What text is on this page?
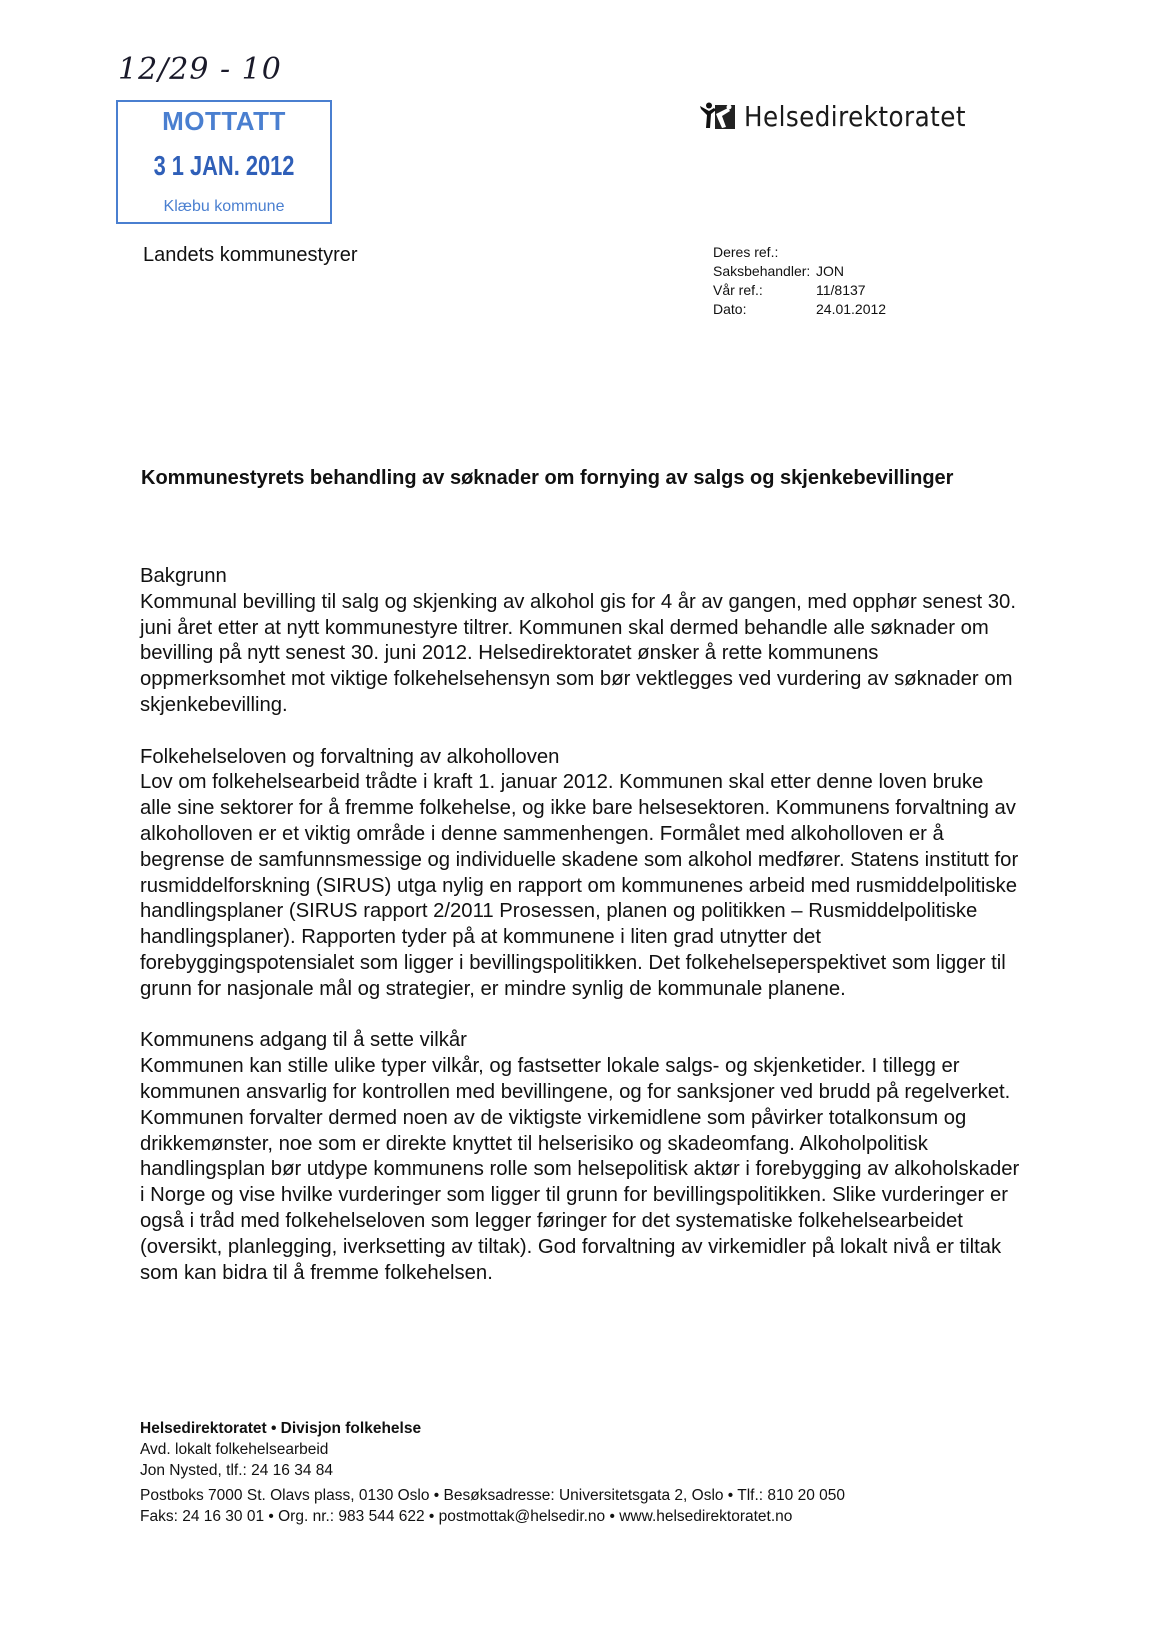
12/29 - 10
MOTTATT
3 1 JAN. 2012
Klæbu kommune
Helsedirektoratet
Landets kommunestyrer	Deres ref.:
Saksbehandler: JON
Vår ref.:	11/8137
Dato:	24.01.2012
Kommunestyrets behandling av søknader om fornying av salgs og skjenkebevillinger

Bakgrunn

Kommunal bevilling til salg og skjenking av alkohol gis for 4 år av gangen, med opphør senest 30. juni året etter at nytt kommunestyre tiltrer. Kommunen skal dermed behandle alle søknader om bevilling på nytt senest 30. juni 2012. Helsedirektoratet ønsker å rette kommunens oppmerksomhet mot viktige folkehelsehensyn som bør vektlegges ved vurdering av søknader om skjenkebevilling.

Folkehelseloven og forvaltning av alkoholloven

Lov om folkehelsearbeid trådte i kraft 1. januar 2012. Kommunen skal etter denne loven bruke alle sine sektorer for å fremme folkehelse, og ikke bare helsesektoren. Kommunens forvaltning av alkoholloven er et viktig område i denne sammenhengen. Formålet med alkoholloven er å begrense de samfunnsmessige og individuelle skadene som alkohol medfører. Statens institutt for rusmiddelforskning (SIRUS) utga nylig en rapport om kommunenes arbeid med rusmiddelpolitiske handlingsplaner (SIRUS rapport 2/2011 Prosessen, planen og politikken – Rusmiddelpolitiske handlingsplaner). Rapporten tyder på at kommunene i liten grad utnytter det forebyggingspotensialet som ligger i bevillingspolitikken. Det folkehelseperspektivet som ligger til grunn for nasjonale mål og strategier, er mindre synlig de kommunale planene.

Kommunens adgang til å sette vilkår

Kommunen kan stille ulike typer vilkår, og fastsetter lokale salgs- og skjenketider. I tillegg er kommunen ansvarlig for kontrollen med bevillingene, og for sanksjoner ved brudd på regelverket. Kommunen forvalter dermed noen av de viktigste virkemidlene som påvirker totalkonsum og drikkemønster, noe som er direkte knyttet til helserisiko og skadeomfang. Alkoholpolitisk handlingsplan bør utdype kommunens rolle som helsepolitisk aktør i forebygging av alkoholskader i Norge og vise hvilke vurderinger som ligger til grunn for bevillingspolitikken. Slike vurderinger er også i tråd med folkehelseloven som legger føringer for det systematiske folkehelsearbeidet (oversikt, planlegging, iverksetting av tiltak). God forvaltning av virkemidler på lokalt nivå er tiltak som kan bidra til å fremme folkehelsen.

Helsedirektoratet • Divisjon folkehelse
Avd. lokalt folkehelsearbeid
Jon Nysted, tlf.: 24 16 34 84
Postboks 7000 St. Olavs plass, 0130 Oslo • Besøksadresse: Universitetsgata 2, Oslo • Tlf.: 810 20 050
Faks: 24 16 30 01 • Org. nr.: 983 544 622 • postmottak@helsedir.no • www.helsedirektoratet.no
